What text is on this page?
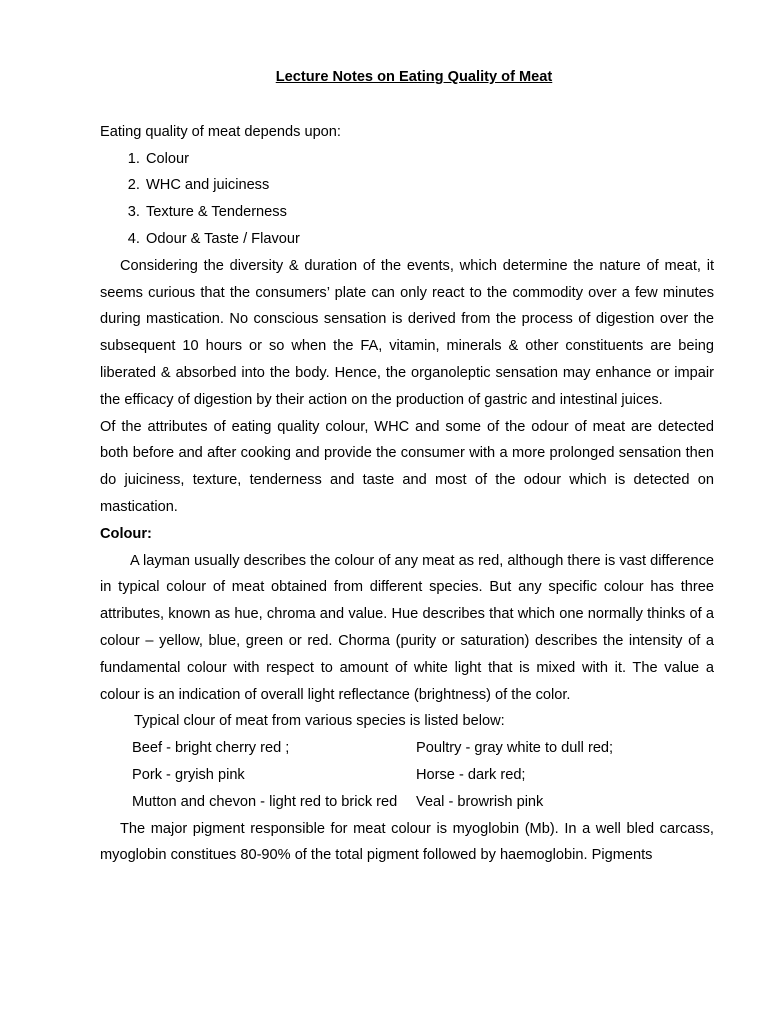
Lecture Notes on Eating Quality of Meat

Eating quality of meat depends upon:

1. Colour
2. WHC and juiciness
3. Texture & Tenderness
4. Odour & Taste / Flavour

Considering the diversity & duration of the events, which determine the nature of meat, it seems curious that the consumers’ plate can only react to the commodity over a few minutes during mastication. No conscious sensation is derived from the process of digestion over the subsequent 10 hours or so when the FA, vitamin, minerals & other constituents are being liberated & absorbed into the body. Hence, the organoleptic sensation may enhance or impair the efficacy of digestion by their action on the production of gastric and intestinal juices.

Of the attributes of eating quality colour, WHC and some of the odour of meat are detected both before and after cooking and provide the consumer with a more prolonged sensation then do juiciness, texture, tenderness and taste and most of the odour which is detected on mastication.

Colour:

A layman usually describes the colour of any meat as red, although there is vast difference in typical colour of meat obtained from different species. But any specific colour has three attributes, known as hue, chroma and value. Hue describes that which one normally thinks of a colour – yellow, blue, green or red. Chorma (purity or saturation) describes the intensity of a fundamental colour with respect to amount of white light that is mixed with it. The value a colour is an indication of overall light reflectance (brightness) of the color.

Typical clour of meat from various species is listed below:

Beef - bright cherry red ;	Poultry - gray white to dull red;
Pork - gryish pink	Horse - dark red;
Mutton and chevon - light red to brick red	Veal - browrish pink

The major pigment responsible for meat colour is myoglobin (Mb). In a well bled carcass, myoglobin constitues 80-90% of the total pigment followed by haemoglobin. Pigments
